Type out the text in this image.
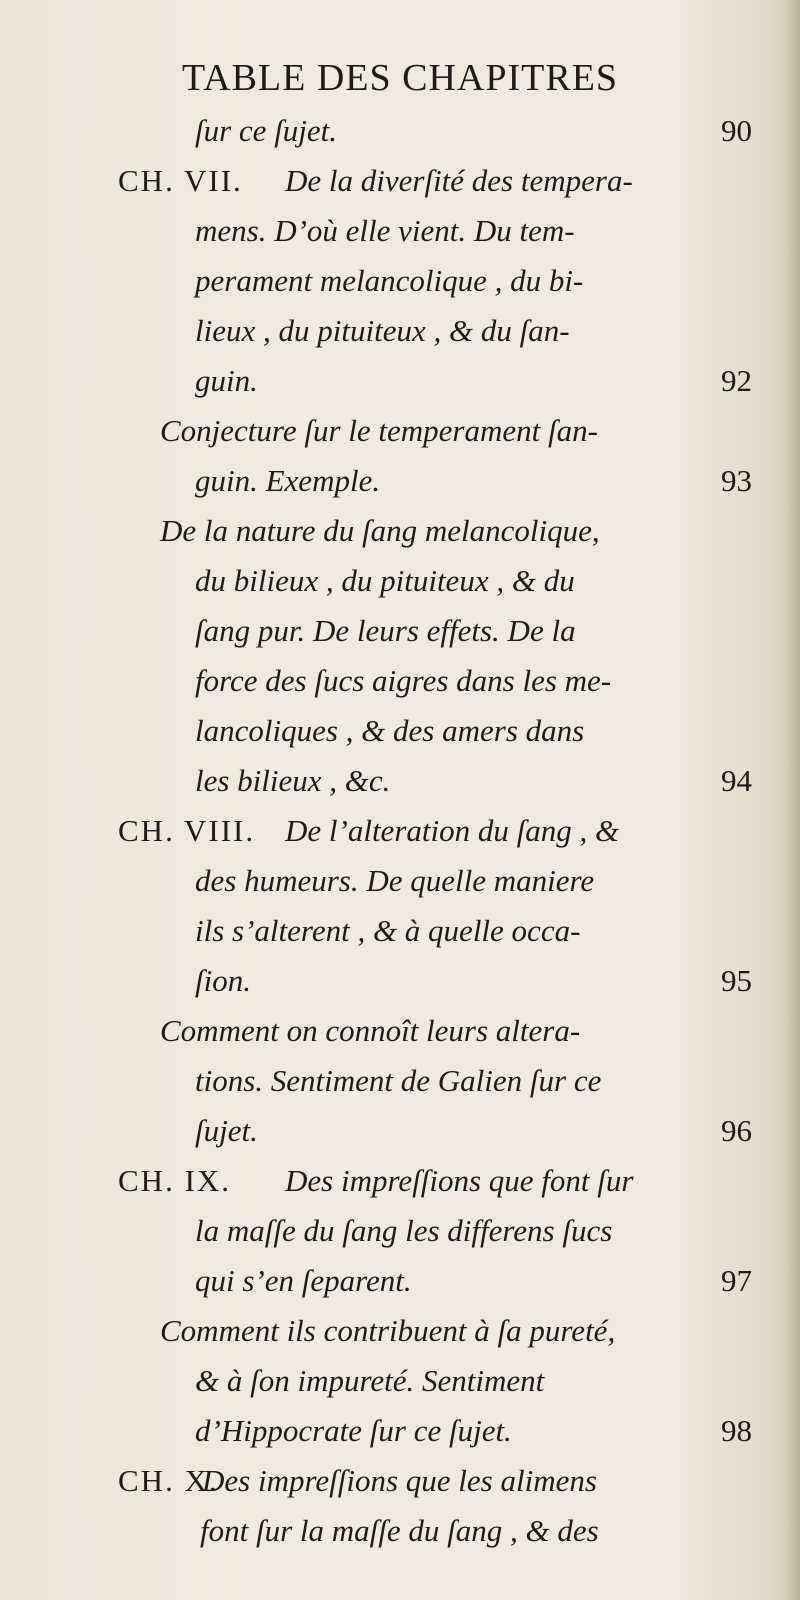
TABLE DES CHAPITRES
ſur ce ſujet.	90
CH. VII. De la diverſité des tempera-
mens. D’où elle vient. Du tem-
perament melancolique , du bi-
lieux , du pituiteux , & du ſan-
guin.	92
Conjecture ſur le temperament ſan-
guin. Exemple.	93
De la nature du ſang melancolique,
du bilieux , du pituiteux , & du
ſang pur. De leurs effets. De la
force des ſucs aigres dans les me-
lancoliques , & des amers dans
les bilieux , &c.	94
CH. VIII. De l’alteration du ſang , &
des humeurs. De quelle maniere
ils s’alterent , & à quelle occa-
ſion.	95
Comment on connoît leurs altera-
tions. Sentiment de Galien ſur ce
ſujet.	96
CH. IX. Des impreſſions que font ſur
la maſſe du ſang les differens ſucs
qui s’en ſeparent.	97
Comment ils contribuent à ſa pureté,
& à ſon impureté. Sentiment
d’Hippocrate ſur ce ſujet.	98
CH. X.
Des impreſſions que les alimens
font ſur la maſſe du ſang , & des
